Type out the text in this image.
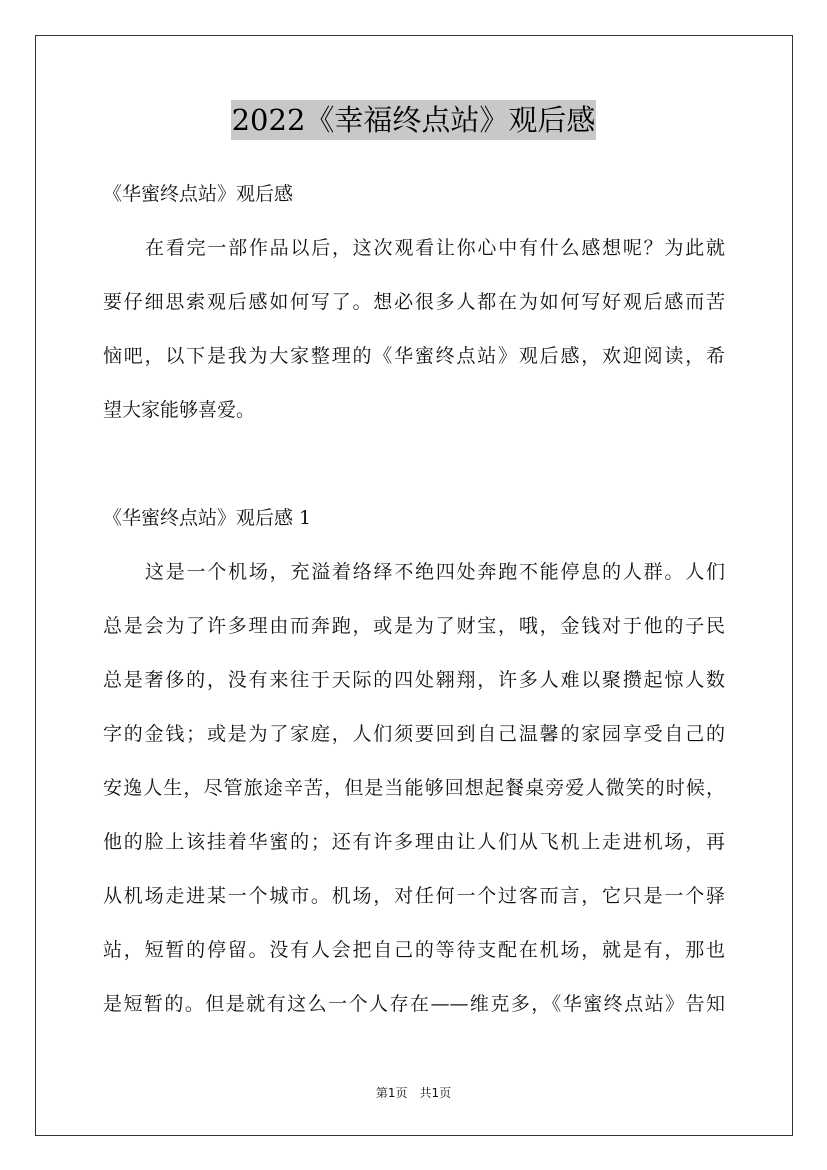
2022《幸福终点站》观后感
《华蜜终点站》观后感
在看完一部作品以后，这次观看让你心中有什么感想呢？为此就
要仔细思索观后感如何写了。想必很多人都在为如何写好观后感而苦
恼吧，以下是我为大家整理的《华蜜终点站》观后感，欢迎阅读，希
望大家能够喜爱。
《华蜜终点站》观后感 1
这是一个机场，充溢着络绎不绝四处奔跑不能停息的人群。人们
总是会为了许多理由而奔跑，或是为了财宝，哦，金钱对于他的子民
总是奢侈的，没有来往于天际的四处翱翔，许多人难以聚攒起惊人数
字的金钱；或是为了家庭，人们须要回到自己温馨的家园享受自己的
安逸人生，尽管旅途辛苦，但是当能够回想起餐桌旁爱人微笑的时候，
他的脸上该挂着华蜜的；还有许多理由让人们从飞机上走进机场，再
从机场走进某一个城市。机场，对任何一个过客而言，它只是一个驿
站，短暂的停留。没有人会把自己的等待支配在机场，就是有，那也
是短暂的。但是就有这么一个人存在——维克多，《华蜜终点站》告知
第1页　共1页
